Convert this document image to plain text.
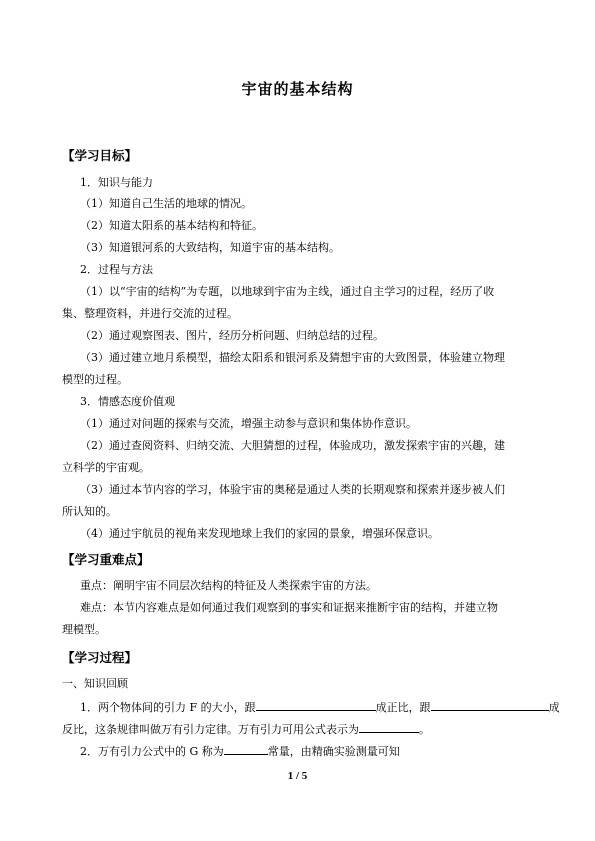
宇宙的基本结构
【学习目标】
1．知识与能力
（1）知道自己生活的地球的情况。
（2）知道太阳系的基本结构和特征。
（3）知道银河系的大致结构，知道宇宙的基本结构。
2．过程与方法
（1）以“宇宙的结构”为专题，以地球到宇宙为主线，通过自主学习的过程，经历了收
集、整理资料，并进行交流的过程。
（2）通过观察图表、图片，经历分析问题、归纳总结的过程。
（3）通过建立地月系模型，描绘太阳系和银河系及猜想宇宙的大致图景，体验建立物理
模型的过程。
3．情感态度价值观
（1）通过对问题的探索与交流，增强主动参与意识和集体协作意识。
（2）通过查阅资料、归纳交流、大胆猜想的过程，体验成功，激发探索宇宙的兴趣，建
立科学的宇宙观。
（3）通过本节内容的学习，体验宇宙的奥秘是通过人类的长期观察和探索并逐步被人们
所认知的。
（4）通过宇航员的视角来发现地球上我们的家园的景象，增强环保意识。
【学习重难点】
重点：阐明宇宙不同层次结构的特征及人类探索宇宙的方法。
难点：本节内容难点是如何通过我们观察到的事实和证据来推断宇宙的结构，并建立物
理模型。
【学习过程】
一、知识回顾
1．两个物体间的引力 F 的大小，跟	成正比，跟	成
反比，这条规律叫做万有引力定律。万有引力可用公式表示为	。
2．万有引力公式中的 G 称为	常量，由精确实验测量可知
1 / 5
